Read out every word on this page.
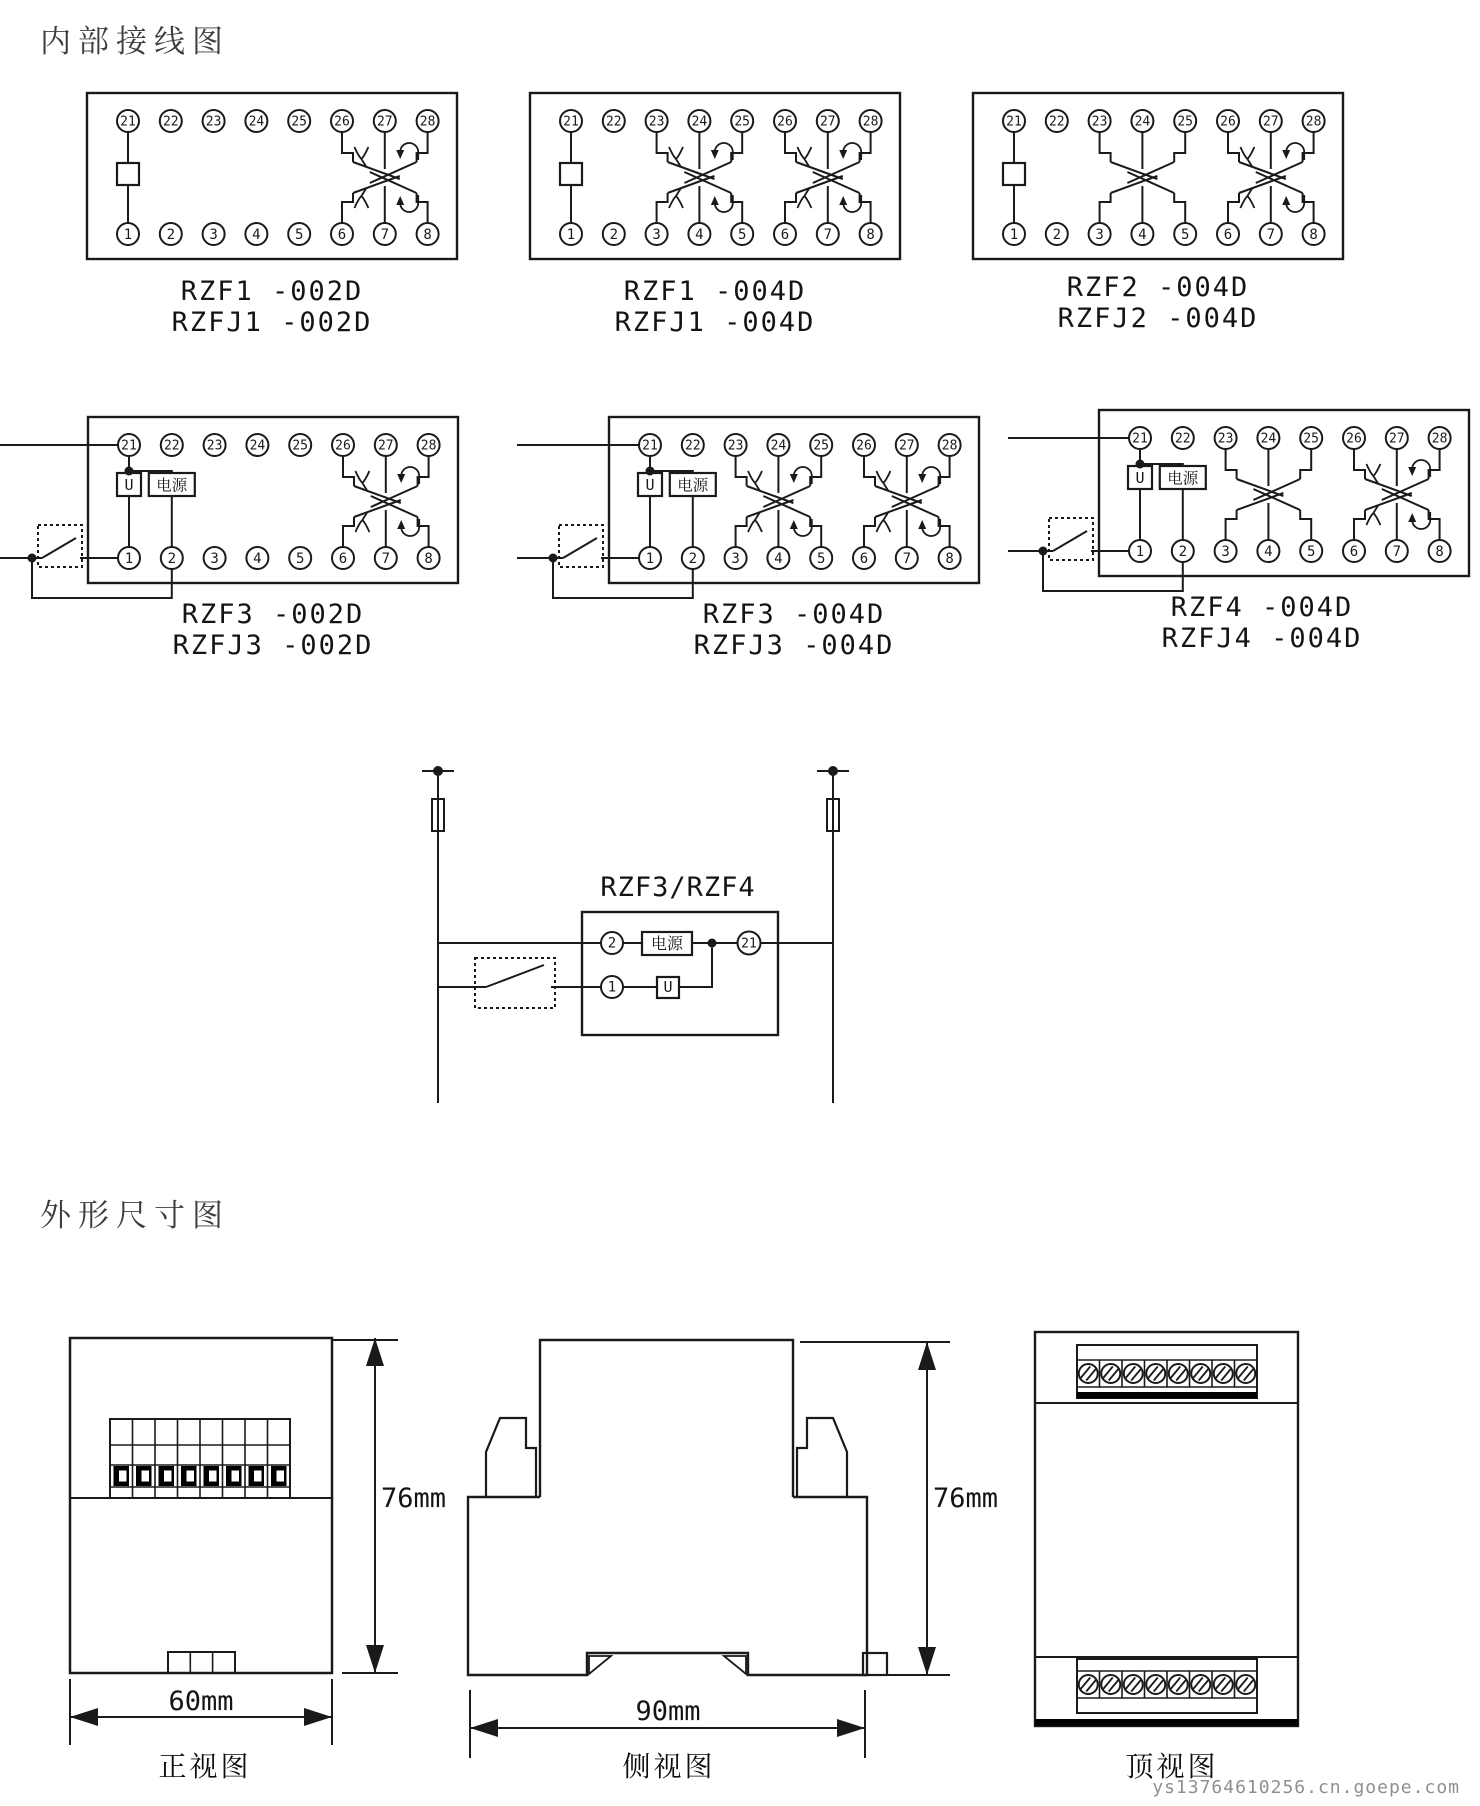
21
1
22
2
23
3
24
4
25
5
26
6
27
7
28
8
21
1
22
2
23
3
24
4
25
5
26
6
27
7
28
8
21
1
22
2
23
3
24
4
25
5
26
6
27
7
28
8
21
1
22
2
23
3
24
4
25
5
26
6
27
7
28
8
U 电源
21
1
22
2
23
3
24
4
25
5
26
6
27
7
28
8
U 电源
21
1
22
2
23
3
24
4
25
5
26
6
27
7
28
8
U 电源
2 电源	21
1	U
内部接线图
外形尺寸图
RZF1 -002D
RZFJ1 -002D
RZF1 -004D
RZFJ1 -004D
RZF2 -004D
RZFJ2 -004D
RZF3 -002D
RZFJ3 -002D
RZF3 -004D
RZFJ3 -004D
RZF4 -004D
RZFJ4 -004D
RZF3/RZF4
76mm
60mm
76mm
90mm
正视图	侧视图	顶视图
ys13764610256.cn.goepe.com
